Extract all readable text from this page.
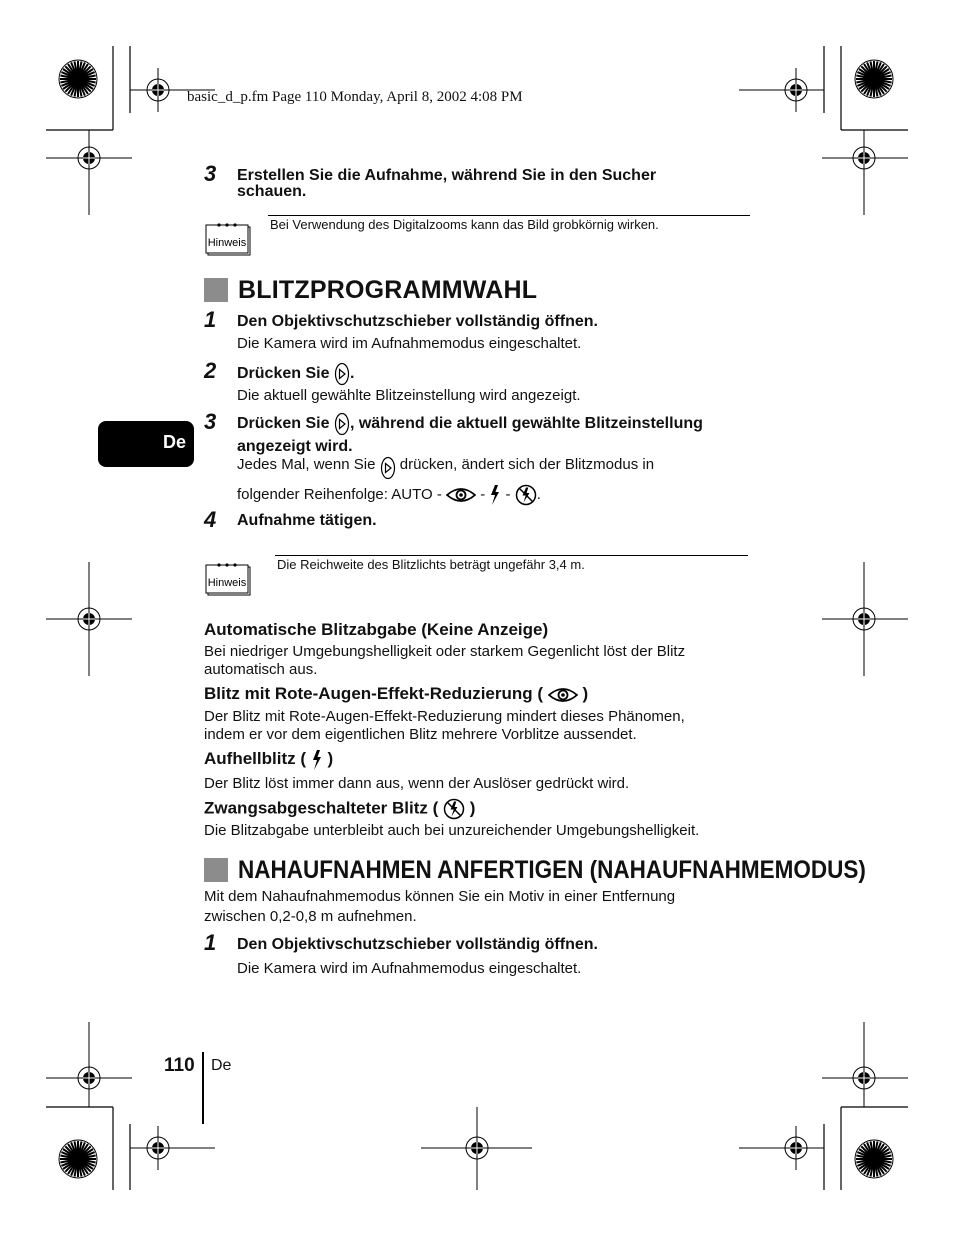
basic_d_p.fm Page 110 Monday, April 8, 2002 4:08 PM
De
3	Erstellen Sie die Aufnahme, während Sie in den Sucher
schauen.
Hinweis
Bei Verwendung des Digitalzooms kann das Bild grobkörnig wirken.
BLITZPROGRAMMWAHL
1	Den Objektivschutzschieber vollständig öffnen.
Die Kamera wird im Aufnahmemodus eingeschaltet.
2	Drücken Sie .
Die aktuell gewählte Blitzeinstellung wird angezeigt.
3	Drücken Sie , während die aktuell gewählte Blitzeinstellung
angezeigt wird.
Jedes Mal, wenn Sie drücken, ändert sich der Blitzmodus in
folgender Reihenfolge: AUTO -	- - .
4	Aufnahme tätigen.
Hinweis
Die Reichweite des Blitzlichts beträgt ungefähr 3,4 m.
Automatische Blitzabgabe (Keine Anzeige)
Bei niedriger Umgebungshelligkeit oder starkem Gegenlicht löst der Blitz
automatisch aus.
Blitz mit Rote-Augen-Effekt-Reduzierung ( )
Der Blitz mit Rote-Augen-Effekt-Reduzierung mindert dieses Phänomen,
indem er vor dem eigentlichen Blitz mehrere Vorblitze aussendet.
Aufhellblitz ( )
Der Blitz löst immer dann aus, wenn der Auslöser gedrückt wird.
Zwangsabgeschalteter Blitz ( )
Die Blitzabgabe unterbleibt auch bei unzureichender Umgebungshelligkeit.
NAHAUFNAHMEN ANFERTIGEN (NAHAUFNAHMEMODUS)
Mit dem Nahaufnahmemodus können Sie ein Motiv in einer Entfernung
zwischen 0,2-0,8 m aufnehmen.
1	Den Objektivschutzschieber vollständig öffnen.
Die Kamera wird im Aufnahmemodus eingeschaltet.
110 De
